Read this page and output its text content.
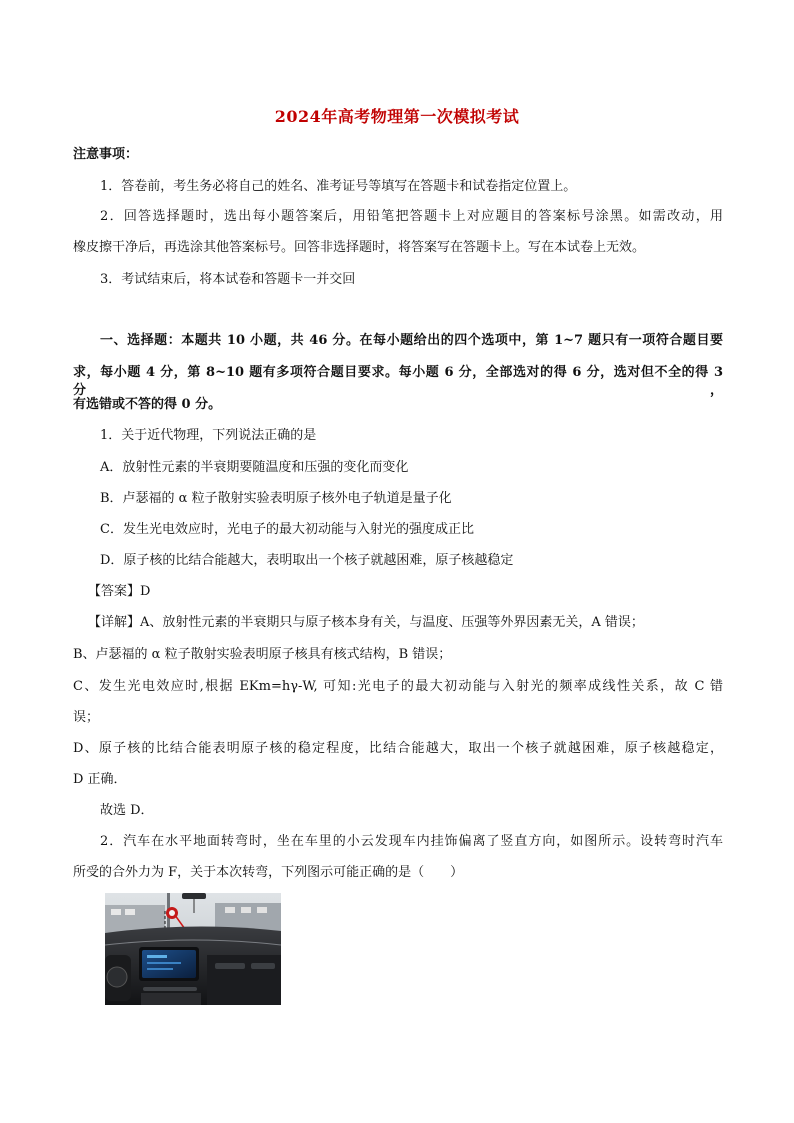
2024年高考物理第一次模拟考试
注意事项：
1．答卷前，考生务必将自己的姓名、准考证号等填写在答题卡和试卷指定位置上。
2．回答选择题时，选出每小题答案后，用铅笔把答题卡上对应题目的答案标号涂黑。如需改动，用
橡皮擦干净后，再选涂其他答案标号。回答非选择题时，将答案写在答题卡上。写在本试卷上无效。
3．考试结束后，将本试卷和答题卡一并交回
一、选择题：本题共 10 小题，共 46 分。在每小题给出的四个选项中，第 1~7 题只有一项符合题目要
求，每小题 4 分，第 8~10 题有多项符合题目要求。每小题 6 分，全部选对的得 6 分，选对但不全的得 3 分，
有选错或不答的得 0 分。
1．关于近代物理，下列说法正确的是
A．放射性元素的半衰期要随温度和压强的变化而变化
B．卢瑟福的 α 粒子散射实验表明原子核外电子轨道是量子化
C．发生光电效应时，光电子的最大初动能与入射光的强度成正比
D．原子核的比结合能越大，表明取出一个核子就越困难，原子核越稳定
【答案】D
【详解】A、放射性元素的半衰期只与原子核本身有关，与温度、压强等外界因素无关，A 错误；
B、卢瑟福的 α 粒子散射实验表明原子核具有核式结构，B 错误；
C、发生光电效应时,根据 EKm=hγ-W, 可知:光电子的最大初动能与入射光的频率成线性关系，故 C 错
误；
D、原子核的比结合能表明原子核的稳定程度，比结合能越大，取出一个核子就越困难，原子核越稳定，
D 正确．
故选 D．
2．汽车在水平地面转弯时，坐在车里的小云发现车内挂饰偏离了竖直方向，如图所示。设转弯时汽车
所受的合外力为 F，关于本次转弯，下列图示可能正确的是（　　）
